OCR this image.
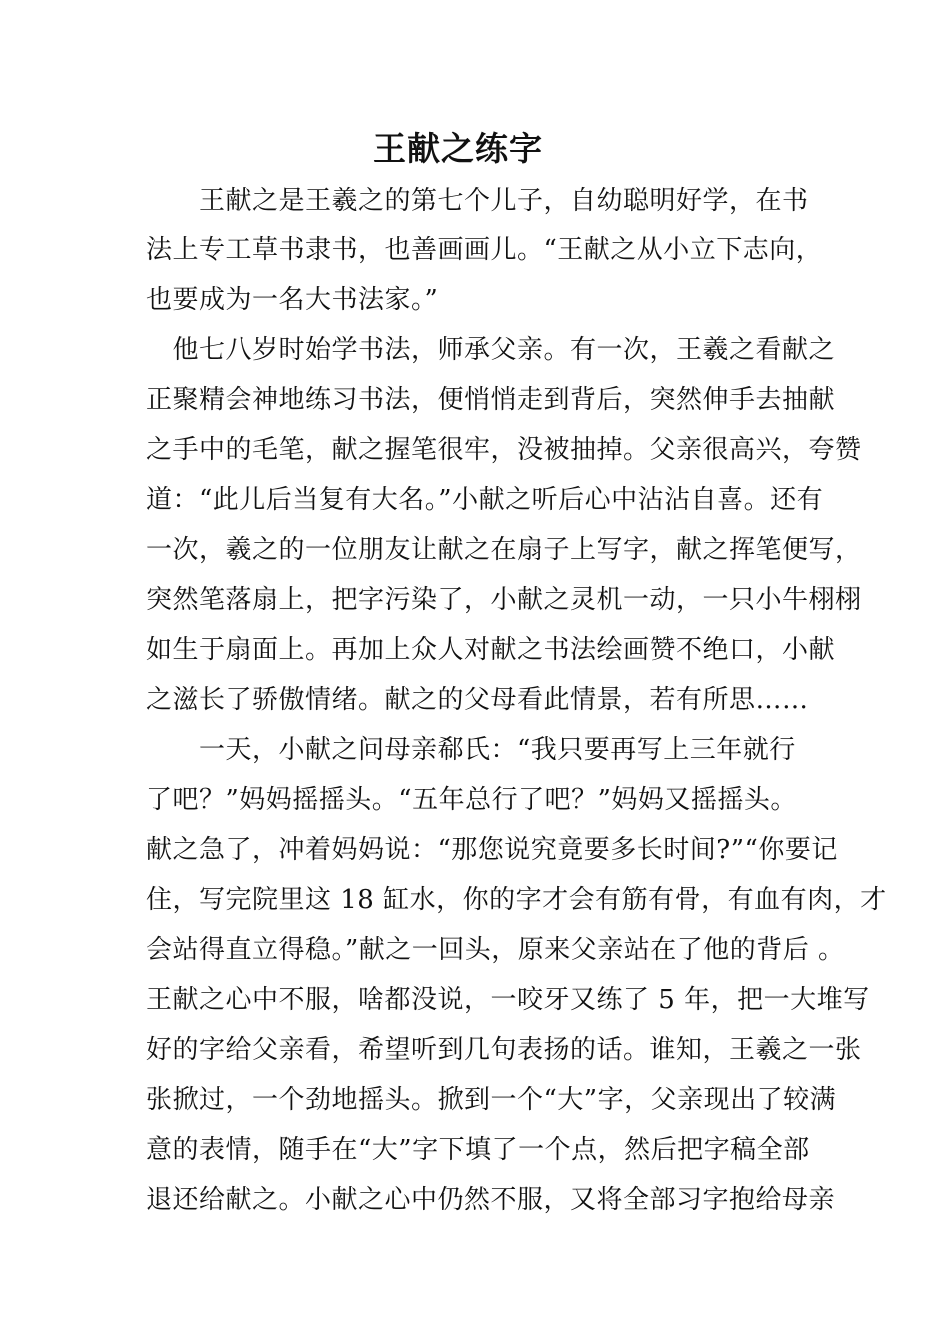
王献之练字
　　王献之是王羲之的第七个儿子，自幼聪明好学，在书
法上专工草书隶书，也善画画儿。“王献之从小立下志向，
也要成为一名大书法家。”
　他七八岁时始学书法，师承父亲。有一次，王羲之看献之
正聚精会神地练习书法，便悄悄走到背后，突然伸手去抽献
之手中的毛笔，献之握笔很牢，没被抽掉。父亲很高兴，夸赞
道：“此儿后当复有大名。”小献之听后心中沾沾自喜。还有
一次，羲之的一位朋友让献之在扇子上写字，献之挥笔便写，
突然笔落扇上，把字污染了，小献之灵机一动，一只小牛栩栩
如生于扇面上。再加上众人对献之书法绘画赞不绝口，小献
之滋长了骄傲情绪。献之的父母看此情景，若有所思……
　　一天，小献之问母亲郗氏：“我只要再写上三年就行
了吧？”妈妈摇摇头。“五年总行了吧？”妈妈又摇摇头。
献之急了，冲着妈妈说：“那您说究竟要多长时间?”“你要记
住，写完院里这 18 缸水，你的字才会有筋有骨，有血有肉，才
会站得直立得稳。”献之一回头，原来父亲站在了他的背后 。
王献之心中不服，啥都没说，一咬牙又练了 5 年，把一大堆写
好的字给父亲看，希望听到几句表扬的话。谁知，王羲之一张
张掀过，一个劲地摇头。掀到一个“大”字，父亲现出了较满
意的表情，随手在“大”字下填了一个点，然后把字稿全部
退还给献之。小献之心中仍然不服，又将全部习字抱给母亲
